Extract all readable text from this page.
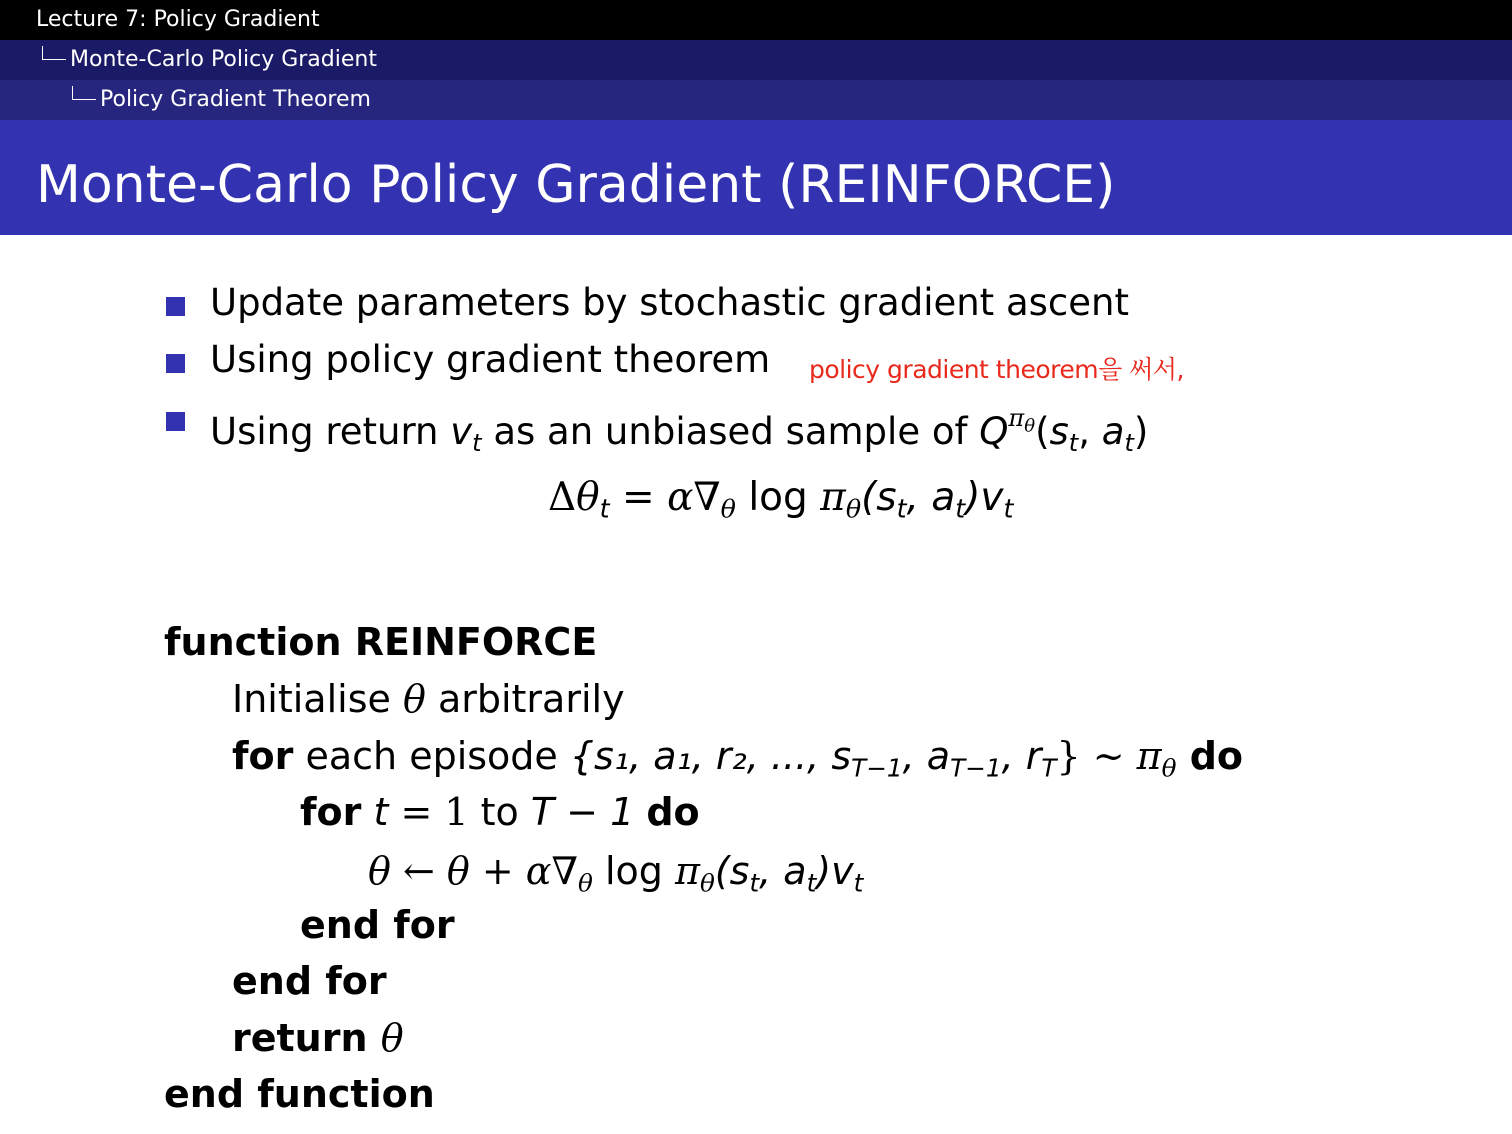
Lecture 7: Policy Gradient
Monte-Carlo Policy Gradient
Policy Gradient Theorem
Monte-Carlo Policy Gradient (REINFORCE)
Update parameters by stochastic gradient ascent
Using policy gradient theorem policy gradient theorem을 써서,
Using return $v_t$ as an unbiased sample of $Q^{\pi_\theta}(s_t$, $a_t$)
$\Delta\theta_t = \alpha\nabla_\theta$ $\log \pi_\theta(s_t$, $a_t)v_t$
function REINFORCE
Initialise θ arbitrarily
for each episode {s₁, a₁, r₂, ..., $s_{T-1}$, $a_{T-1}$, $r_T$} ∼ $\pi_\theta$ do
for t = 1 to T − 1 do
θ ← $\theta + \alpha\nabla_\theta$ $\log \pi_\theta(s_t$, $a_t)v_t$
end for
end for
return θ
end function
